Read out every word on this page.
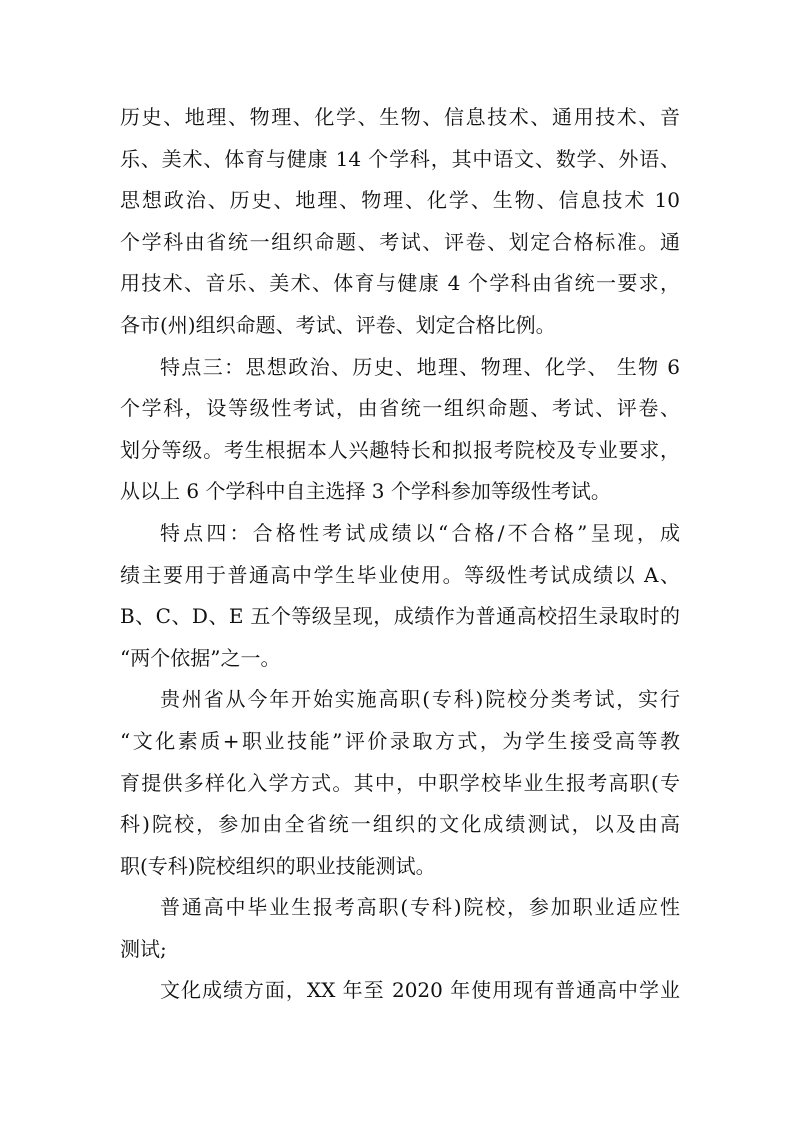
历史、地理、物理、化学、生物、信息技术、通用技术、音
乐、美术、体育与健康 14 个学科，其中语文、数学、外语、
思想政治、历史、地理、物理、化学、生物、信息技术 10
个学科由省统一组织命题、考试、评卷、划定合格标准。通
用技术、音乐、美术、体育与健康 4 个学科由省统一要求，
各市(州)组织命题、考试、评卷、划定合格比例。
特点三：思想政治、历史、地理、物理、化学、 生物 6
个学科，设等级性考试，由省统一组织命题、考试、评卷、
划分等级。考生根据本人兴趣特长和拟报考院校及专业要求，
从以上 6 个学科中自主选择 3 个学科参加等级性考试。
特点四：合格性考试成绩以“合格/不合格”呈现，成
绩主要用于普通高中学生毕业使用。等级性考试成绩以 A、
B、C、D、E 五个等级呈现，成绩作为普通高校招生录取时的
“两个依据”之一。
贵州省从今年开始实施高职(专科)院校分类考试，实行
“文化素质+职业技能”评价录取方式，为学生接受高等教
育提供多样化入学方式。其中，中职学校毕业生报考高职(专
科)院校，参加由全省统一组织的文化成绩测试，以及由高
职(专科)院校组织的职业技能测试。
普通高中毕业生报考高职(专科)院校，参加职业适应性
测试;
文化成绩方面，XX 年至 2020 年使用现有普通高中学业
